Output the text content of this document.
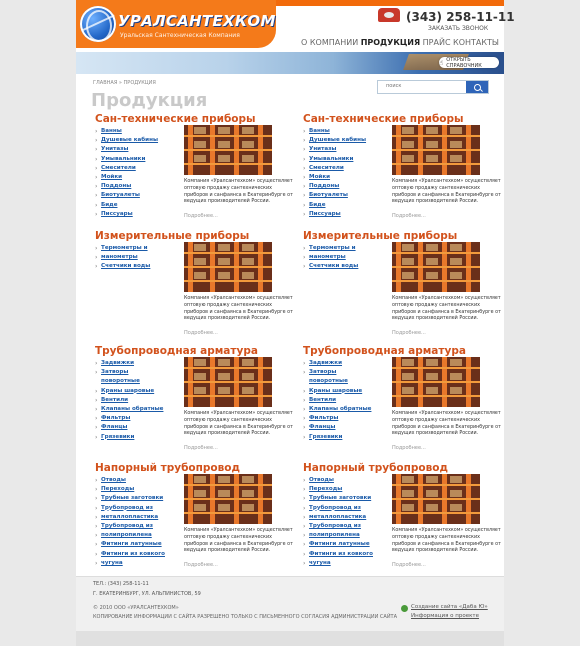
УРАЛСАНТЕХКОМ
Уральская Сантехническая Компания
(343) 258-11-11
ЗАКАЗАТЬ ЗВОНОК
О КОМПАНИИ ПРОДУКЦИЯ ПРАЙС КОНТАКТЫ
☝ ОТКРЫТЬ СПРАВОЧНИК
ГЛАВНАЯ » ПРОДУКЦИЯ
Продукция
поиск
Сан-технические приборы
› Ванны
› Душевые кабины
› Унитазы
› Умывальники
› Смесители
› Мойки
› Поддоны
› Биотуалеты
› Биде
› Писсуары
Компания «Уралсантехком» осуществляет оптовую продажу сантехнических приборов и санфаянса в Екатеринбурге от ведущих производителей России.
Подробнее...
Сан-технические приборы
› Ванны
› Душевые кабины
› Унитазы
› Умывальники
› Смесители
› Мойки
› Поддоны
› Биотуалеты
› Биде
› Писсуары
Компания «Уралсантехком» осуществляет оптовую продажу сантехнических приборов и санфаянса в Екатеринбурге от ведущих производителей России.
Подробнее...
Измерительные приборы
› Термометры и
› манометры
› Счетчики воды
Компания «Уралсантехком» осуществляет оптовую продажу сантехнических приборов и санфаянса в Екатеринбурге от ведущих производителей России.
Подробнее...
Измерительные приборы
› Термометры и
› манометры
› Счетчики воды
Компания «Уралсантехком» осуществляет оптовую продажу сантехнических приборов и санфаянса в Екатеринбурге от ведущих производителей России.
Подробнее...
Трубопроводная арматура
› Задвижки
› Затворы поворотные
› Краны шаровые
› Вентили
› Клапаны обратные
› Фильтры
› Фланцы
› Грязевики
Компания «Уралсантехком» осуществляет оптовую продажу сантехнических приборов и санфаянса в Екатеринбурге от ведущих производителей России.
Подробнее...
Трубопроводная арматура
› Задвижки
› Затворы поворотные
› Краны шаровые
› Вентили
› Клапаны обратные
› Фильтры
› Фланцы
› Грязевики
Компания «Уралсантехком» осуществляет оптовую продажу сантехнических приборов и санфаянса в Екатеринбурге от ведущих производителей России.
Подробнее...
Напорный трубопровод
› Отводы
› Переходы
› Трубные заготовки
› Трубопровод из
› металлопластика
› Трубопровод из
› полипропилена
› Фитинги латунные
› Фитинги из ковкого
› чугуна
Компания «Уралсантехком» осуществляет оптовую продажу сантехнических приборов и санфаянса в Екатеринбурге от ведущих производителей России.
Подробнее...
Напорный трубопровод
› Отводы
› Переходы
› Трубные заготовки
› Трубопровод из
› металлопластика
› Трубопровод из
› полипропилена
› Фитинги латунные
› Фитинги из ковкого
› чугуна
Компания «Уралсантехком» осуществляет оптовую продажу сантехнических приборов и санфаянса в Екатеринбурге от ведущих производителей России.
Подробнее...
ТЕЛ.: (343) 258-11-11
Г. ЕКАТЕРИНБУРГ, УЛ. АЛЬПИНИСТОВ, 59
© 2010 ООО «УРАЛСАНТЕХКОМ»
КОПИРОВАНИЕ ИНФОРМАЦИИ С САЙТА РАЗРЕШЕНО ТОЛЬКО С ПИСЬМЕННОГО СОГЛАСИЯ АДМИНИСТРАЦИИ САЙТА
Создание сайта «Даба Ю»
Информация о проекте
